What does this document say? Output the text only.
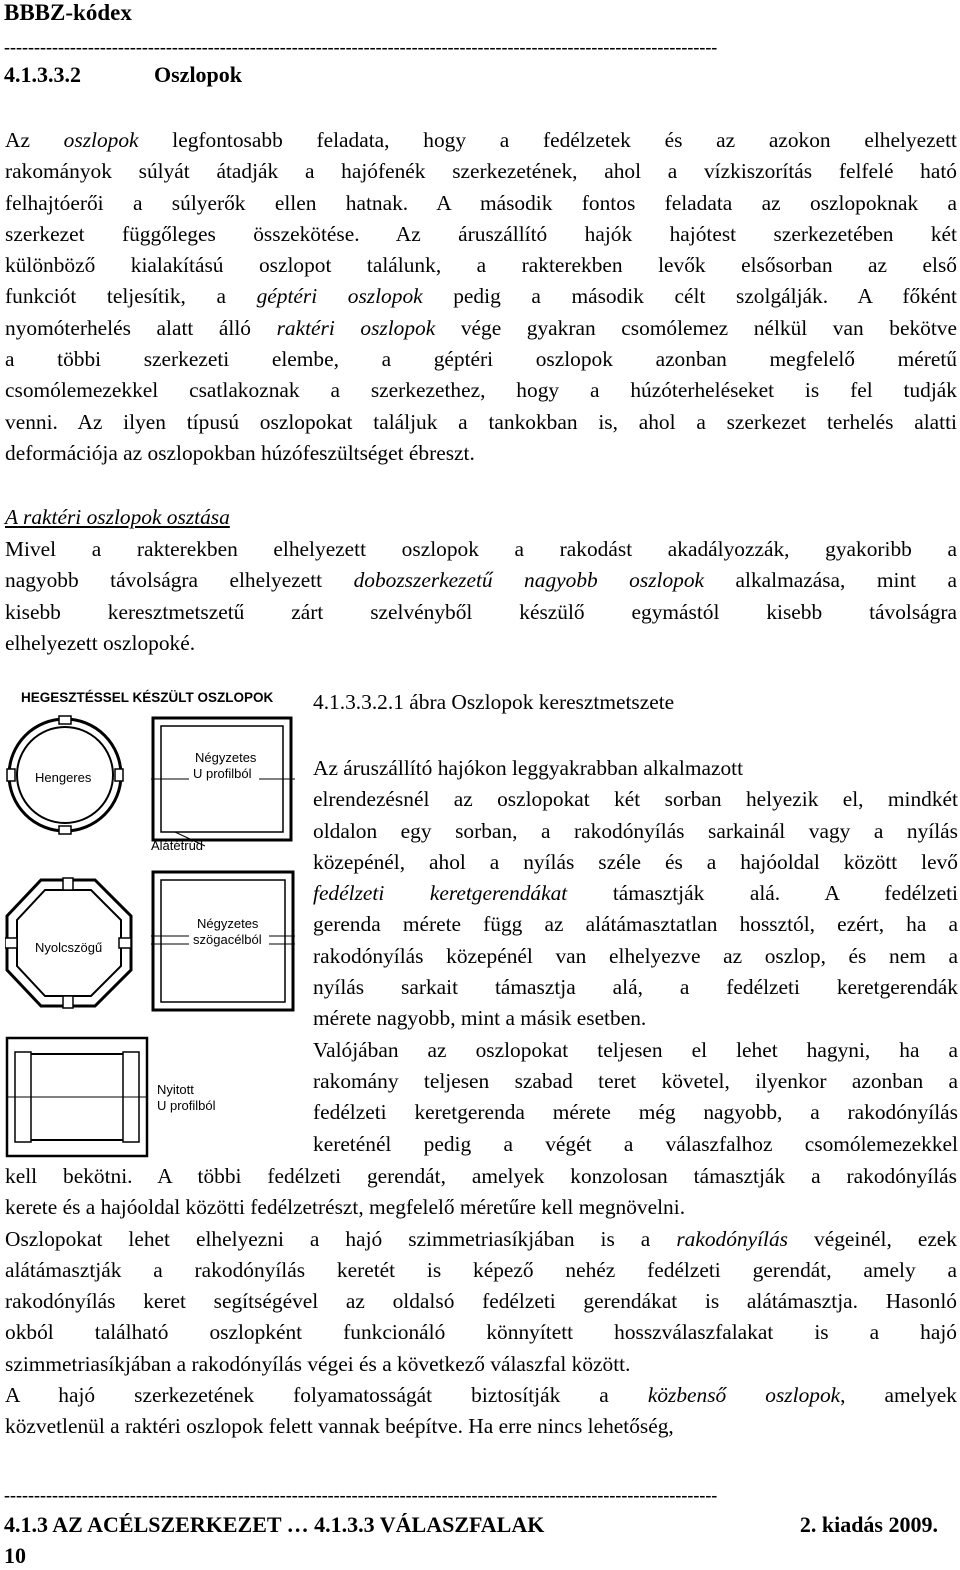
BBBZ-kódex
-----------------------------------------------------------------------------------------------------------------------
4.1.3.3.2	Oszlopok
Az oszlopok legfontosabb feladata, hogy a fedélzetek és az azokon elhelyezett
rakományok súlyát átadják a hajófenék szerkezetének, ahol a vízkiszorítás felfelé ható
felhajtóerői a súlyerők ellen hatnak. A második fontos feladata az oszlopoknak a
szerkezet függőleges összekötése. Az áruszállító hajók hajótest szerkezetében két
különböző kialakítású oszlopot találunk, a rakterekben levők elsősorban az első
funkciót teljesítik, a géptéri oszlopok pedig a második célt szolgálják. A főként
nyomóterhelés alatt álló raktéri oszlopok vége gyakran csomólemez nélkül van bekötve
a többi szerkezeti elembe, a géptéri oszlopok azonban megfelelő méretű
csomólemezekkel csatlakoznak a szerkezethez, hogy a húzóterheléseket is fel tudják
venni. Az ilyen típusú oszlopokat találjuk a tankokban is, ahol a szerkezet terhelés alatti
deformációja az oszlopokban húzófeszültséget ébreszt.
A raktéri oszlopok osztása
Mivel a rakterekben elhelyezett oszlopok a rakodást akadályozzák, gyakoribb a
nagyobb távolságra elhelyezett dobozszerkezetű nagyobb oszlopok alkalmazása, mint a
kisebb keresztmetszetű zárt szelvényből készülő egymástól kisebb távolságra
elhelyezett oszlopoké.
HEGESZTÉSSEL KÉSZÜLT OSZLOPOK
Hengeres
Négyzetes
U profilból
Alátétrúd
Nyolcszögű
Négyzetes
szögacélból
Nyitott
U profilból
4.1.3.3.2.1 ábra Oszlopok keresztmetszete
Az áruszállító hajókon leggyakrabban alkalmazott
elrendezésnél az oszlopokat két sorban helyezik el, mindkét
oldalon egy sorban, a rakodónyílás sarkainál vagy a nyílás
közepénél, ahol a nyílás széle és a hajóoldal között levő
fedélzeti keretgerendákat támasztják alá. A fedélzeti
gerenda mérete függ az alátámasztatlan hossztól, ezért, ha a
rakodónyílás közepénél van elhelyezve az oszlop, és nem a
nyílás sarkait támasztja alá, a fedélzeti keretgerendák
mérete nagyobb, mint a másik esetben.
Valójában az oszlopokat teljesen el lehet hagyni, ha a
rakomány teljesen szabad teret követel, ilyenkor azonban a
fedélzeti keretgerenda mérete még nagyobb, a rakodónyílás
kereténél pedig a végét a válaszfalhoz csomólemezekkel
kell bekötni. A többi fedélzeti gerendát, amelyek konzolosan támasztják a rakodónyílás
kerete és a hajóoldal közötti fedélzetrészt, megfelelő méretűre kell megnövelni.
Oszlopokat lehet elhelyezni a hajó szimmetriasíkjában is a rakodónyílás végeinél, ezek
alátámasztják a rakodónyílás keretét is képező nehéz fedélzeti gerendát, amely a
rakodónyílás keret segítségével az oldalsó fedélzeti gerendákat is alátámasztja. Hasonló
okból található oszlopként funkcionáló könnyített hosszválaszfalakat is a hajó
szimmetriasíkjában a rakodónyílás végei és a következő válaszfal között.
A hajó szerkezetének folyamatosságát biztosítják a közbenső oszlopok, amelyek
közvetlenül a raktéri oszlopok felett vannak beépítve. Ha erre nincs lehetőség,
-----------------------------------------------------------------------------------------------------------------------
4.1.3 AZ ACÉLSZERKEZET … 4.1.3.3 VÁLASZFALAK	2. kiadás 2009.
10
